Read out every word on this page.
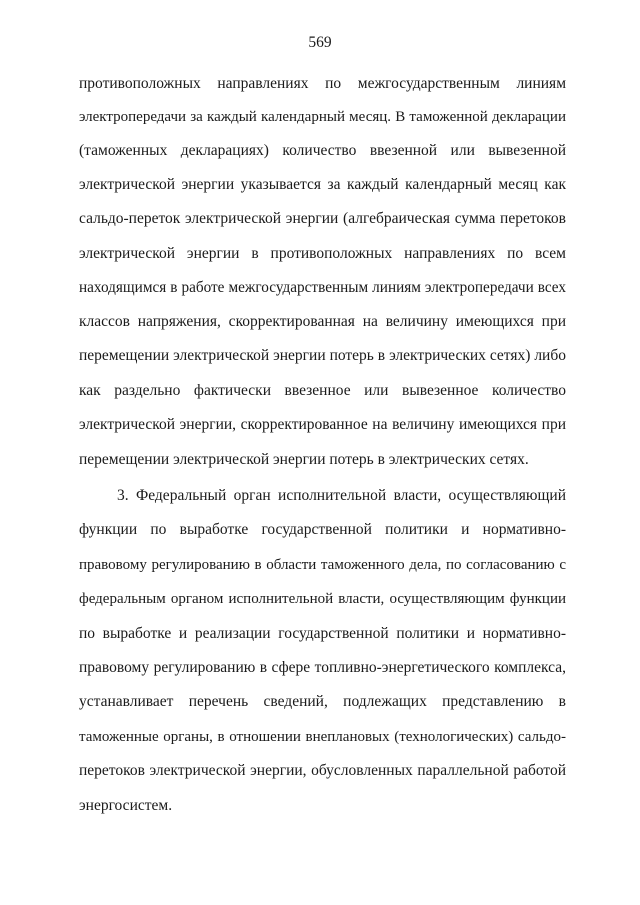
569
противоположных направлениях по межгосударственным линиям
электропередачи за каждый календарный месяц. В таможенной декларации
(таможенных декларациях) количество ввезенной или вывезенной
электрической энергии указывается за каждый календарный месяц как
сальдо-переток электрической энергии (алгебраическая сумма перетоков
электрической энергии в противоположных направлениях по всем
находящимся в работе межгосударственным линиям электропередачи всех
классов напряжения, скорректированная на величину имеющихся при
перемещении электрической энергии потерь в электрических сетях) либо
как раздельно фактически ввезенное или вывезенное количество
электрической энергии, скорректированное на величину имеющихся при
перемещении электрической энергии потерь в электрических сетях.
3. Федеральный орган исполнительной власти, осуществляющий
функции по выработке государственной политики и нормативно-
правовому регулированию в области таможенного дела, по согласованию с
федеральным органом исполнительной власти, осуществляющим функции
по выработке и реализации государственной политики и нормативно-
правовому регулированию в сфере топливно-энергетического комплекса,
устанавливает перечень сведений, подлежащих представлению в
таможенные органы, в отношении внеплановых (технологических) сальдо-
перетоков электрической энергии, обусловленных параллельной работой
энергосистем.
